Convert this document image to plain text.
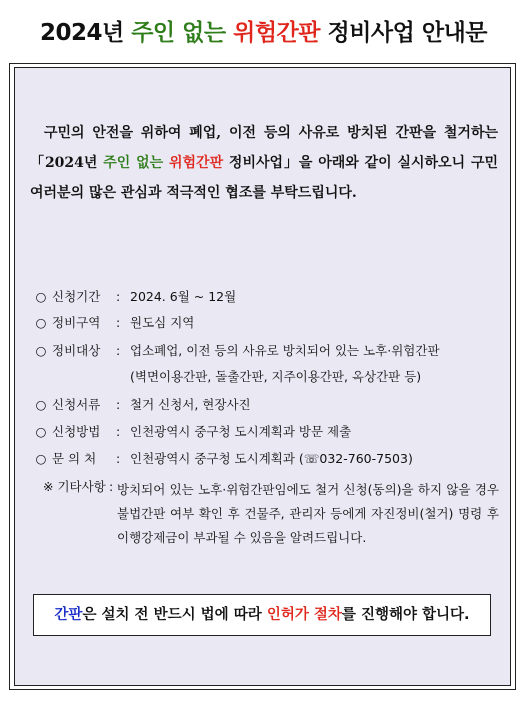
2024년 주인 없는 위험간판 정비사업 안내문
구민의 안전을 위하여 폐업, 이전 등의 사유로 방치된 간판을 철거하는 「2024년 주인 없는 위험간판 정비사업」을 아래와 같이 실시하오니 구민 여러분의 많은 관심과 적극적인 협조를 부탁드립니다.
○ 신청기간 : 2024. 6월 ~ 12월
○ 정비구역 : 원도심 지역
○ 정비대상 : 업소폐업, 이전 등의 사유로 방치되어 있는 노후·위험간판
(벽면이용간판, 돌출간판, 지주이용간판, 옥상간판 등)
○ 신청서류 : 철거 신청서, 현장사진
○ 신청방법 : 인천광역시 중구청 도시계획과 방문 제출
○ 문 의 처 : 인천광역시 중구청 도시계획과 (☏032-760-7503)
※ 기타사항 : 방치되어 있는 노후·위험간판임에도 철거 신청(동의)을 하지 않을 경우 불법간판 여부 확인 후 건물주, 관리자 등에게 자진정비(철거) 명령 후 이행강제금이 부과될 수 있음을 알려드립니다.
간판은 설치 전 반드시 법에 따라 인허가 절차를 진행해야 합니다.
